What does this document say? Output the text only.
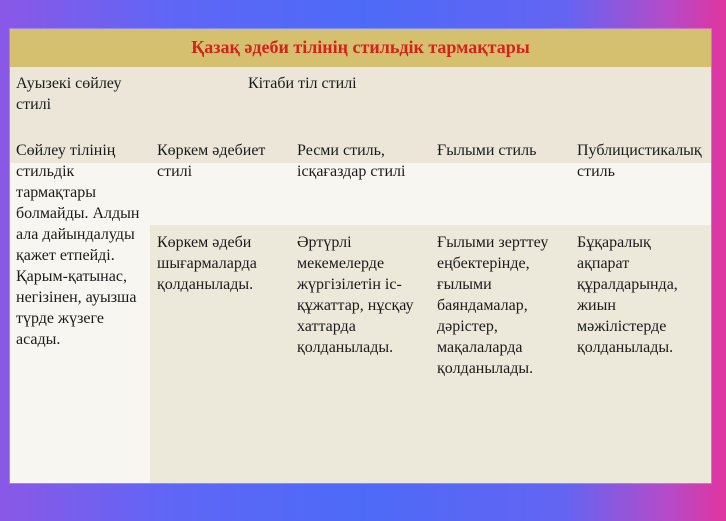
Қазақ әдеби тілінің стильдік тармақтары
Ауызекі сөйлеу стилі
Кітаби тіл стилі
Сөйлеу тілінің стильдік тармақтары болмайды. Алдын ала дайындалуды қажет етпейді. Қарым-қатынас, негізінен, ауызша түрде жүзеге асады.
Көркем әдебиет стилі
Ресми стиль, ісқағаздар стилі
Ғылыми стиль	Публицистикалық стиль
Көркем әдеби шығармаларда қолданылады.
Әртүрлі мекемелерде жүргізілетін іс-құжаттар, нұсқау хаттарда қолданылады.
Ғылыми зерттеу еңбектерінде, ғылыми баяндамалар, дәрістер, мақалаларда қолданылады.
Бұқаралық ақпарат құралдарында, жиын мәжілістерде қолданылады.
